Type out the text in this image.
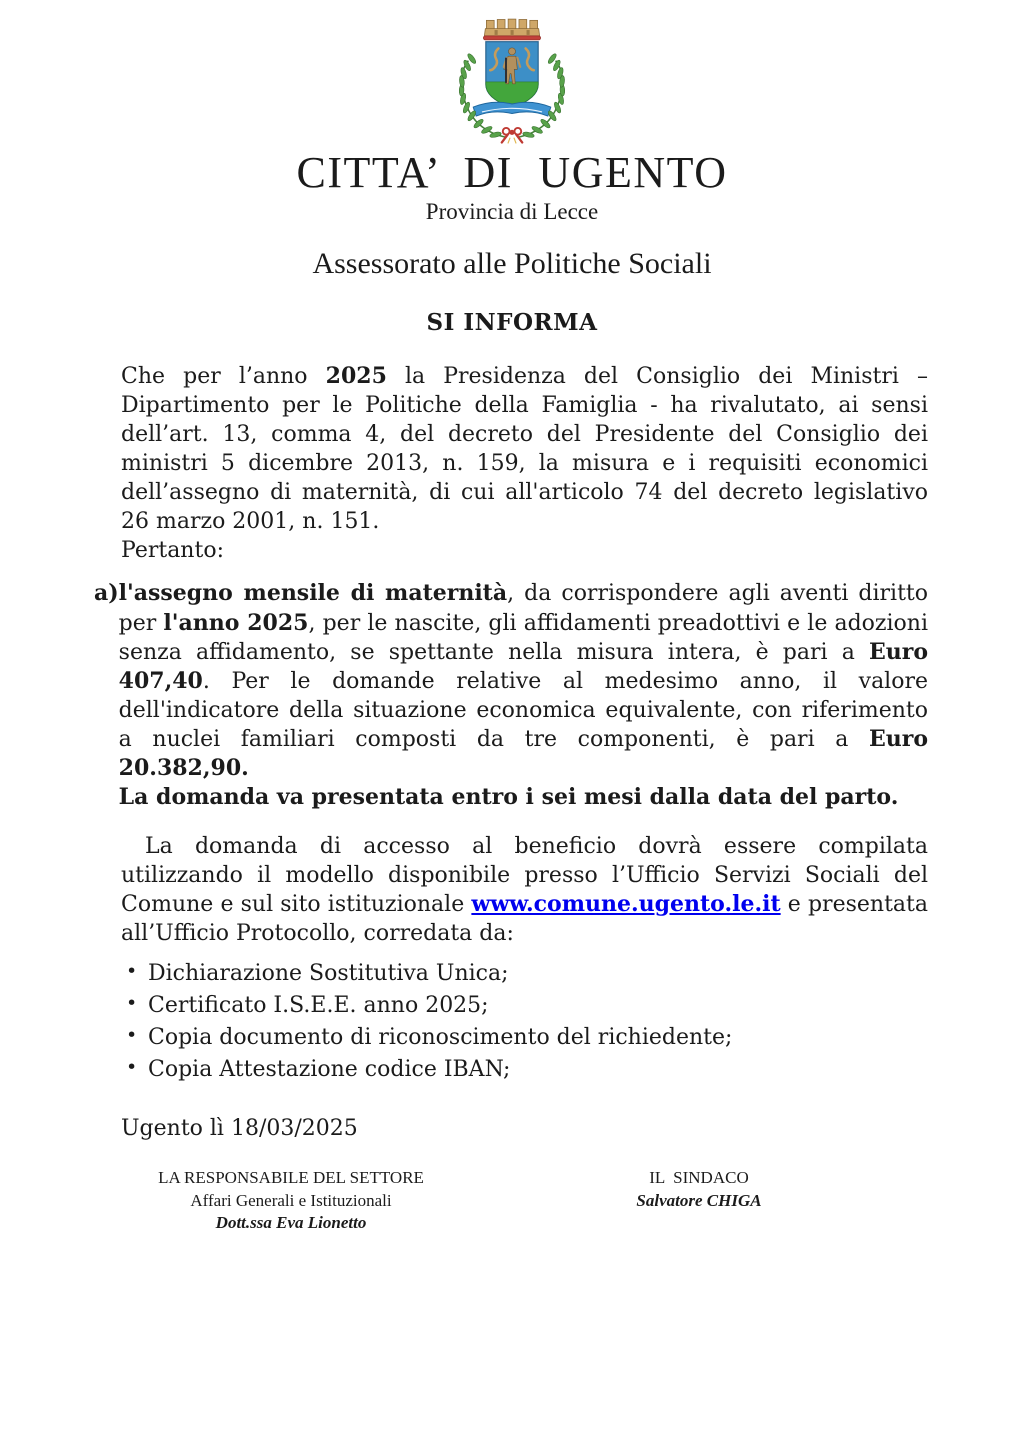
CITTA’ DI UGENTO
Provincia di Lecce
Assessorato alle Politiche Sociali
SI INFORMA

Che per l’anno 2025 la Presidenza del Consiglio dei Ministri – Dipartimento per le Politiche della Famiglia - ha rivalutato, ai sensi dell’art. 13, comma 4, del decreto del Presidente del Consiglio dei ministri 5 dicembre 2013, n. 159, la misura e i requisiti economici dell’assegno di maternità, di cui all'articolo 74 del decreto legislativo 26 marzo 2001, n. 151.

Pertanto:
a) l'assegno mensile di maternità, da corrispondere agli aventi diritto per l'anno 2025, per le nascite, gli affidamenti preadottivi e le adozioni senza affidamento, se spettante nella misura intera, è pari a Euro 407,40. Per le domande relative al medesimo anno, il valore dell'indicatore della situazione economica equivalente, con riferimento a nuclei familiari composti da tre componenti, è pari a Euro 20.382,90.

La domanda va presentata entro i sei mesi dalla data del parto.

La domanda di accesso al beneficio dovrà essere compilata utilizzando il modello disponibile presso l’Ufficio Servizi Sociali del Comune e sul sito istituzionale www.comune.ugento.le.it e presentata all’Ufficio Protocollo, corredata da:

• Dichiarazione Sostitutiva Unica;
• Certificato I.S.E.E. anno 2025;
• Copia documento di riconoscimento del richiedente;
• Copia Attestazione codice IBAN;
Ugento lì 18/03/2025
LA RESPONSABILE DEL SETTORE
Affari Generali e Istituzionali
Dott.ssa Eva Lionetto
IL  SINDACO
Salvatore CHIGA
